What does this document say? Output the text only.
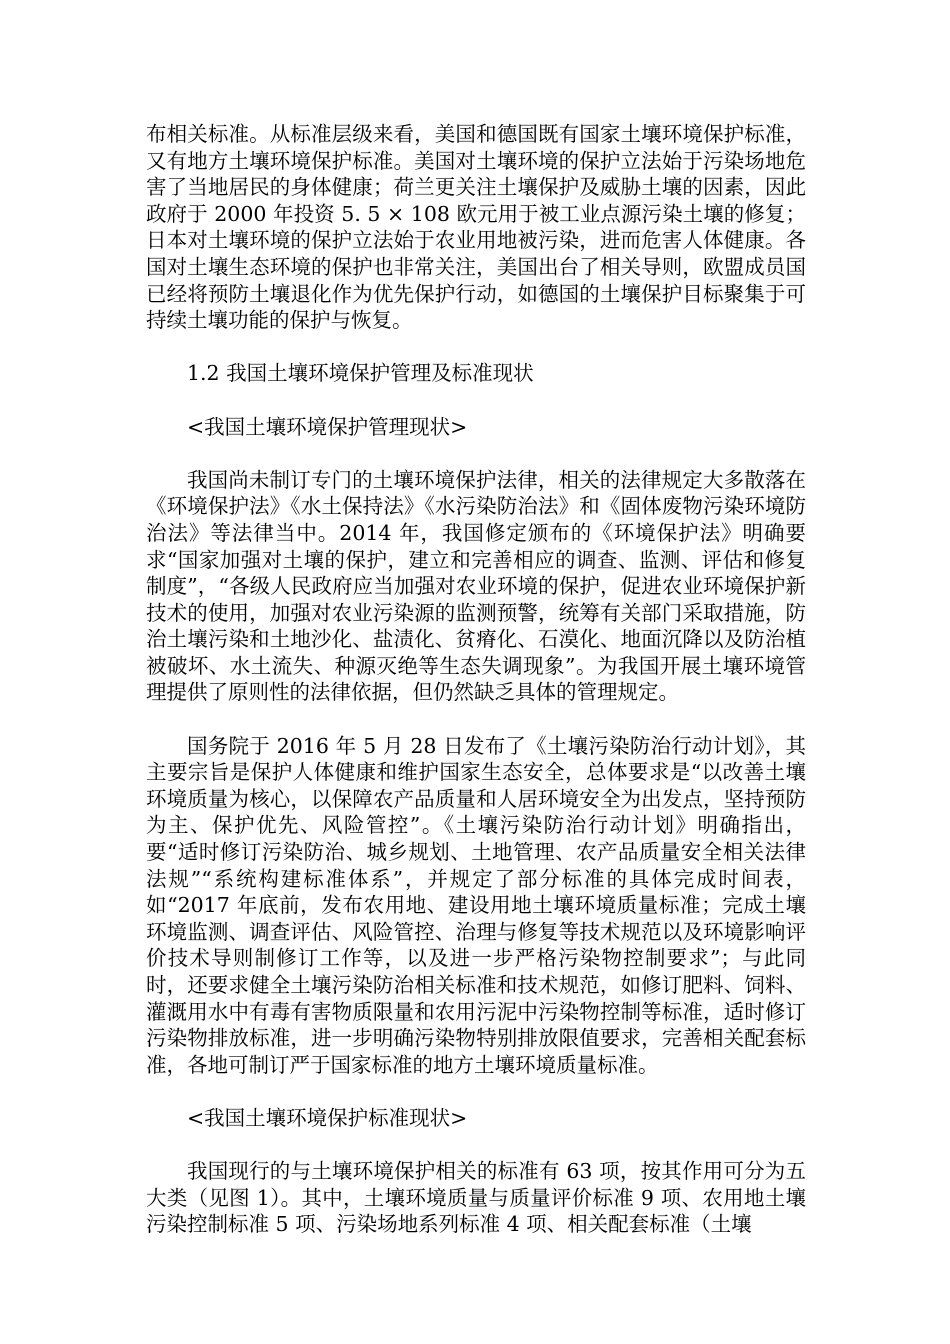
布相关标准。从标准层级来看，美国和德国既有国家土壤环境保护标准，又有地方土壤环境保护标准。美国对土壤环境的保护立法始于污染场地危害了当地居民的身体健康；荷兰更关注土壤保护及威胁土壤的因素，因此政府于 2000 年投资 5. 5 × 108 欧元用于被工业点源污染土壤的修复；日本对土壤环境的保护立法始于农业用地被污染，进而危害人体健康。各国对土壤生态环境的保护也非常关注，美国出台了相关导则，欧盟成员国已经将预防土壤退化作为优先保护行动，如德国的土壤保护目标聚集于可持续土壤功能的保护与恢复。

1.2 我国土壤环境保护管理及标准现状

<我国土壤环境保护管理现状>

我国尚未制订专门的土壤环境保护法律，相关的法律规定大多散落在《环境保护法》《水土保持法》《水污染防治法》和《固体废物污染环境防治法》等法律当中。2014 年，我国修定颁布的《环境保护法》明确要求“国家加强对土壤的保护，建立和完善相应的调查、监测、评估和修复制度”，“各级人民政府应当加强对农业环境的保护，促进农业环境保护新技术的使用，加强对农业污染源的监测预警，统筹有关部门采取措施，防治土壤污染和土地沙化、盐渍化、贫瘠化、石漠化、地面沉降以及防治植被破坏、水土流失、种源灭绝等生态失调现象”。为我国开展土壤环境管理提供了原则性的法律依据，但仍然缺乏具体的管理规定。

国务院于 2016 年 5 月 28 日发布了《土壤污染防治行动计划》，其主要宗旨是保护人体健康和维护国家生态安全，总体要求是“以改善土壤环境质量为核心，以保障农产品质量和人居环境安全为出发点，坚持预防为主、保护优先、风险管控”。《土壤污染防治行动计划》明确指出，要“适时修订污染防治、城乡规划、土地管理、农产品质量安全相关法律法规”“系统构建标准体系”，并规定了部分标准的具体完成时间表，如“2017 年底前，发布农用地、建设用地土壤环境质量标准；完成土壤环境监测、调查评估、风险管控、治理与修复等技术规范以及环境影响评价技术导则制修订工作等，以及进一步严格污染物控制要求”；与此同时，还要求健全土壤污染防治相关标准和技术规范，如修订肥料、饲料、灌溉用水中有毒有害物质限量和农用污泥中污染物控制等标准，适时修订污染物排放标准，进一步明确污染物特别排放限值要求，完善相关配套标准，各地可制订严于国家标准的地方土壤环境质量标准。

<我国土壤环境保护标准现状>

我国现行的与土壤环境保护相关的标准有 63 项，按其作用可分为五大类（见图 1）。其中，土壤环境质量与质量评价标准 9 项、农用地土壤污染控制标准 5 项、污染场地系列标准 4 项、相关配套标准（土壤
